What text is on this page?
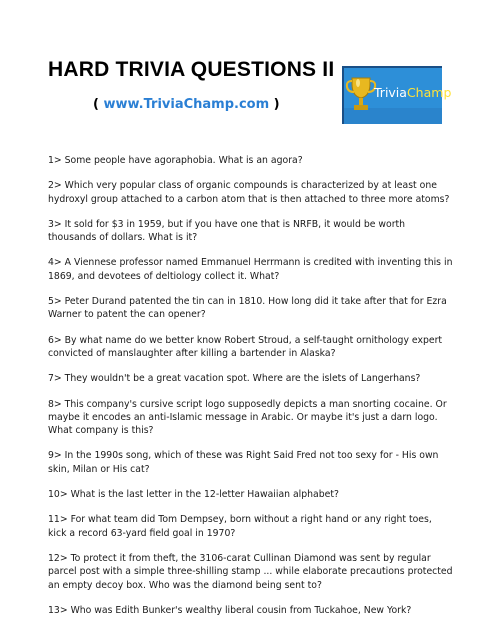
HARD TRIVIA QUESTIONS II
( www.TriviaChamp.com )
TriviaChamp

1> Some people have agoraphobia. What is an agora?

2> Which very popular class of organic compounds is characterized by at least one hydroxyl group attached to a carbon atom that is then attached to three more atoms?

3> It sold for $3 in 1959, but if you have one that is NRFB, it would be worth thousands of dollars. What is it?

4> A Viennese professor named Emmanuel Herrmann is credited with inventing this in 1869, and devotees of deltiology collect it. What?

5> Peter Durand patented the tin can in 1810. How long did it take after that for Ezra Warner to patent the can opener?

6> By what name do we better know Robert Stroud, a self-taught ornithology expert convicted of manslaughter after killing a bartender in Alaska?

7> They wouldn't be a great vacation spot. Where are the islets of Langerhans?

8> This company's cursive script logo supposedly depicts a man snorting cocaine. Or maybe it encodes an anti-Islamic message in Arabic. Or maybe it's just a darn logo. What company is this?

9> In the 1990s song, which of these was Right Said Fred not too sexy for - His own skin, Milan or His cat?

10> What is the last letter in the 12-letter Hawaiian alphabet?

11> For what team did Tom Dempsey, born without a right hand or any right toes, kick a record 63-yard field goal in 1970?

12> To protect it from theft, the 3106-carat Cullinan Diamond was sent by regular parcel post with a simple three-shilling stamp ... while elaborate precautions protected an empty decoy box. Who was the diamond being sent to?

13> Who was Edith Bunker's wealthy liberal cousin from Tuckahoe, New York?
